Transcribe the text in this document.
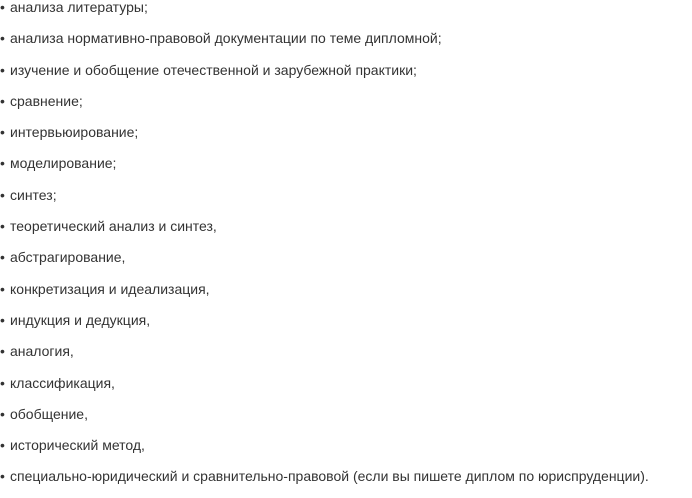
• анализа литературы;
• анализа нормативно-правовой документации по теме дипломной;
• изучение и обобщение отечественной и зарубежной практики;
• сравнение;
• интервьюирование;
• моделирование;
• синтез;
• теоретический анализ и синтез,
• абстрагирование,
• конкретизация и идеализация,
• индукция и дедукция,
• аналогия,
• классификация,
• обобщение,
• исторический метод,
• специально-юридический и сравнительно-правовой (если вы пишете диплом по юриспруденции).
